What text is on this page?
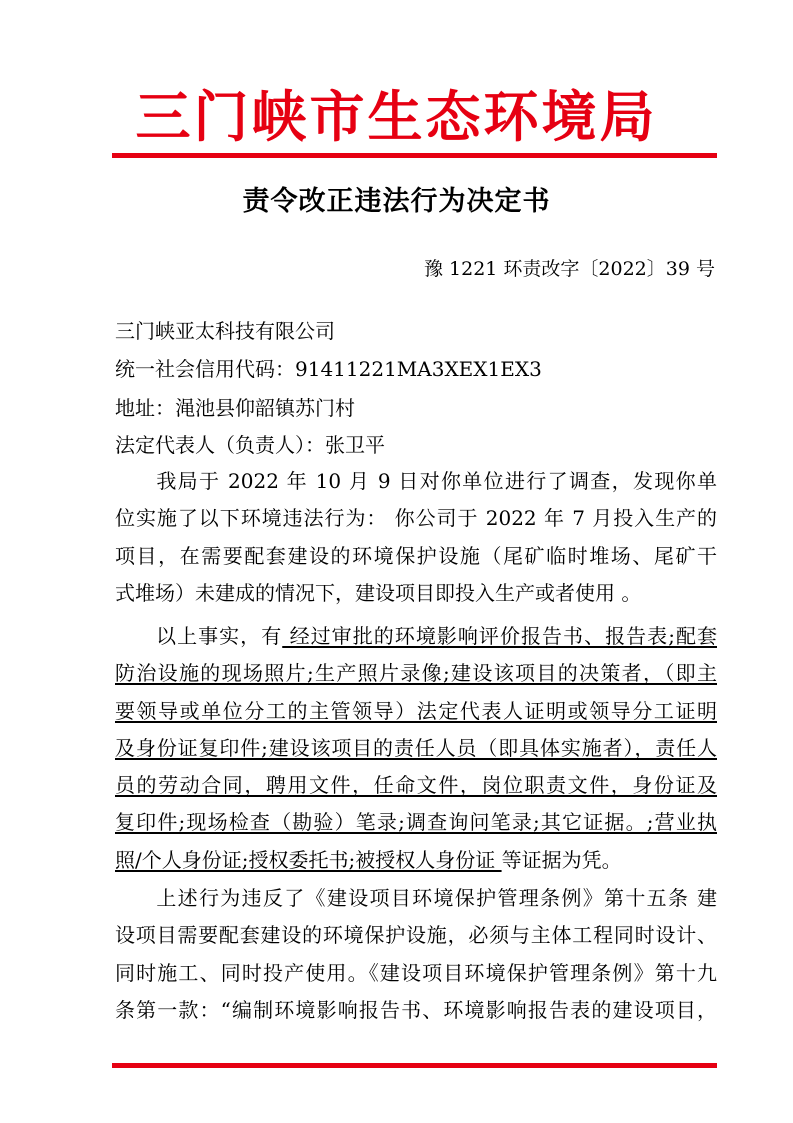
三门峡市生态环境局
责令改正违法行为决定书
豫 1221 环责改字〔2022〕39 号
三门峡亚太科技有限公司
统一社会信用代码：91411221MA3XEX1EX3
地址：渑池县仰韶镇苏门村
法定代表人（负责人）：张卫平

我局于 2022 年 10 月 9 日对你单位进行了调查，发现你单

位实施了以下环境违法行为： 你公司于 2022 年 7 月投入生产的

项目，在需要配套建设的环境保护设施（尾矿临时堆场、尾矿干

式堆场）未建成的情况下，建设项目即投入生产或者使用 。

以上事实，有 经过审批的环境影响评价报告书、报告表;配套

防治设施的现场照片;生产照片录像;建设该项目的决策者，（即主

要领导或单位分工的主管领导）法定代表人证明或领导分工证明

及身份证复印件;建设该项目的责任人员（即具体实施者），责任人

员的劳动合同，聘用文件，任命文件，岗位职责文件，身份证及

复印件;现场检查（勘验）笔录;调查询问笔录;其它证据。;营业执

照/个人身份证;授权委托书;被授权人身份证 等证据为凭。

上述行为违反了《建设项目环境保护管理条例》第十五条 建

设项目需要配套建设的环境保护设施，必须与主体工程同时设计、

同时施工、同时投产使用。《建设项目环境保护管理条例》第十九

条第一款：“编制环境影响报告书、环境影响报告表的建设项目，
